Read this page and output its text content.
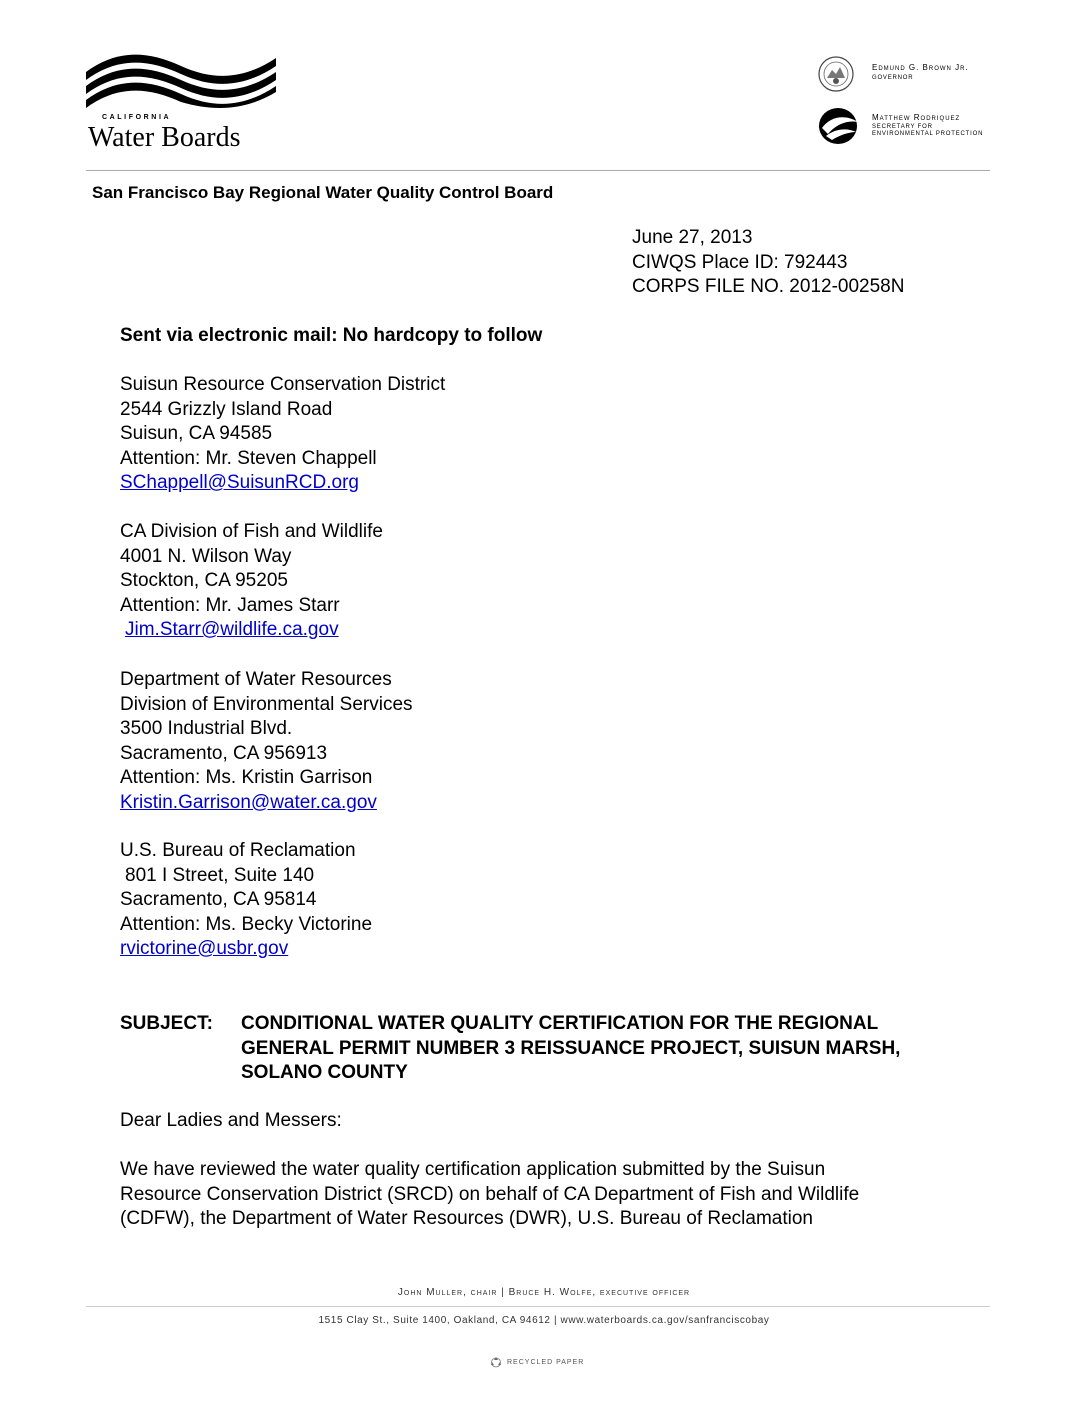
CALIFORNIA
Water Boards
Edmund G. Brown Jr.
GOVERNOR
Matthew Rodriquez
SECRETARY FOR
ENVIRONMENTAL PROTECTION
San Francisco Bay Regional Water Quality Control Board
June 27, 2013
CIWQS Place ID: 792443
CORPS FILE NO. 2012-00258N
Sent via electronic mail: No hardcopy to follow
Suisun Resource Conservation District
2544 Grizzly Island Road
Suisun, CA 94585
Attention: Mr. Steven Chappell
SChappell@SuisunRCD.org
CA Division of Fish and Wildlife
4001 N. Wilson Way
Stockton, CA 95205
Attention: Mr. James Starr
Jim.Starr@wildlife.ca.gov
Department of Water Resources
Division of Environmental Services
3500 Industrial Blvd.
Sacramento, CA 956913
Attention: Ms. Kristin Garrison
Kristin.Garrison@water.ca.gov
U.S. Bureau of Reclamation
801 I Street, Suite 140
Sacramento, CA 95814
Attention: Ms. Becky Victorine
rvictorine@usbr.gov
SUBJECT: CONDITIONAL WATER QUALITY CERTIFICATION FOR THE REGIONAL
GENERAL PERMIT NUMBER 3 REISSUANCE PROJECT, SUISUN MARSH,
SOLANO COUNTY
Dear Ladies and Messers:
We have reviewed the water quality certification application submitted by the Suisun
Resource Conservation District (SRCD) on behalf of CA Department of Fish and Wildlife
(CDFW), the Department of Water Resources (DWR), U.S. Bureau of Reclamation
John Muller, chair | Bruce H. Wolfe, executive officer
1515 Clay St., Suite 1400, Oakland, CA 94612 | www.waterboards.ca.gov/sanfranciscobay
RECYCLED PAPER
